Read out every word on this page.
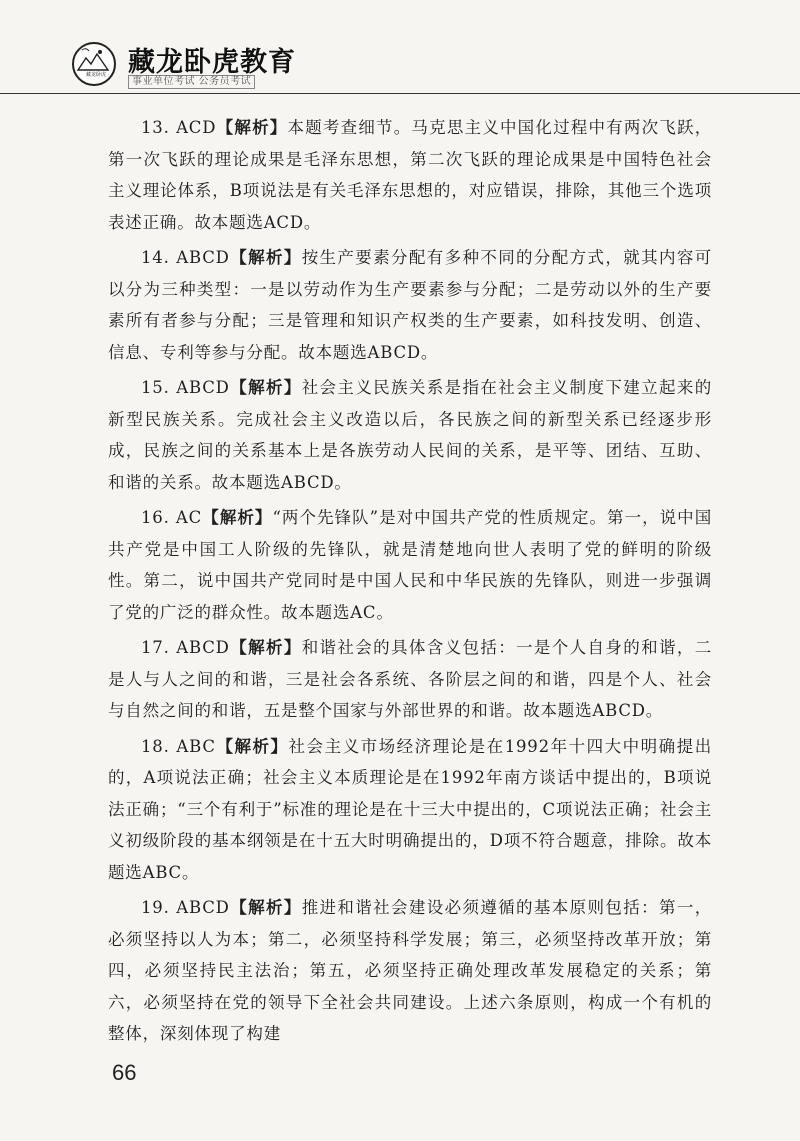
藏龙卧虎 藏龙卧虎教育
事业单位考试 公务员考试

13. ACD【解析】本题考查细节。马克思主义中国化过程中有两次飞跃，第一次飞跃的理论成果是毛泽东思想，第二次飞跃的理论成果是中国特色社会主义理论体系，B项说法是有关毛泽东思想的，对应错误，排除，其他三个选项表述正确。故本题选ACD。

14. ABCD【解析】按生产要素分配有多种不同的分配方式，就其内容可以分为三种类型：一是以劳动作为生产要素参与分配；二是劳动以外的生产要素所有者参与分配；三是管理和知识产权类的生产要素，如科技发明、创造、信息、专利等参与分配。故本题选ABCD。

15. ABCD【解析】社会主义民族关系是指在社会主义制度下建立起来的新型民族关系。完成社会主义改造以后，各民族之间的新型关系已经逐步形成，民族之间的关系基本上是各族劳动人民间的关系，是平等、团结、互助、和谐的关系。故本题选ABCD。

16. AC【解析】“两个先锋队”是对中国共产党的性质规定。第一，说中国共产党是中国工人阶级的先锋队，就是清楚地向世人表明了党的鲜明的阶级性。第二，说中国共产党同时是中国人民和中华民族的先锋队，则进一步强调了党的广泛的群众性。故本题选AC。

17. ABCD【解析】和谐社会的具体含义包括：一是个人自身的和谐，二是人与人之间的和谐，三是社会各系统、各阶层之间的和谐，四是个人、社会与自然之间的和谐，五是整个国家与外部世界的和谐。故本题选ABCD。

18. ABC【解析】社会主义市场经济理论是在1992年十四大中明确提出的，A项说法正确；社会主义本质理论是在1992年南方谈话中提出的，B项说法正确；“三个有利于”标准的理论是在十三大中提出的，C项说法正确；社会主义初级阶段的基本纲领是在十五大时明确提出的，D项不符合题意，排除。故本题选ABC。

19. ABCD【解析】推进和谐社会建设必须遵循的基本原则包括：第一，必须坚持以人为本；第二，必须坚持科学发展；第三，必须坚持改革开放；第四，必须坚持民主法治；第五，必须坚持正确处理改革发展稳定的关系；第六，必须坚持在党的领导下全社会共同建设。上述六条原则，构成一个有机的整体，深刻体现了构建

66
